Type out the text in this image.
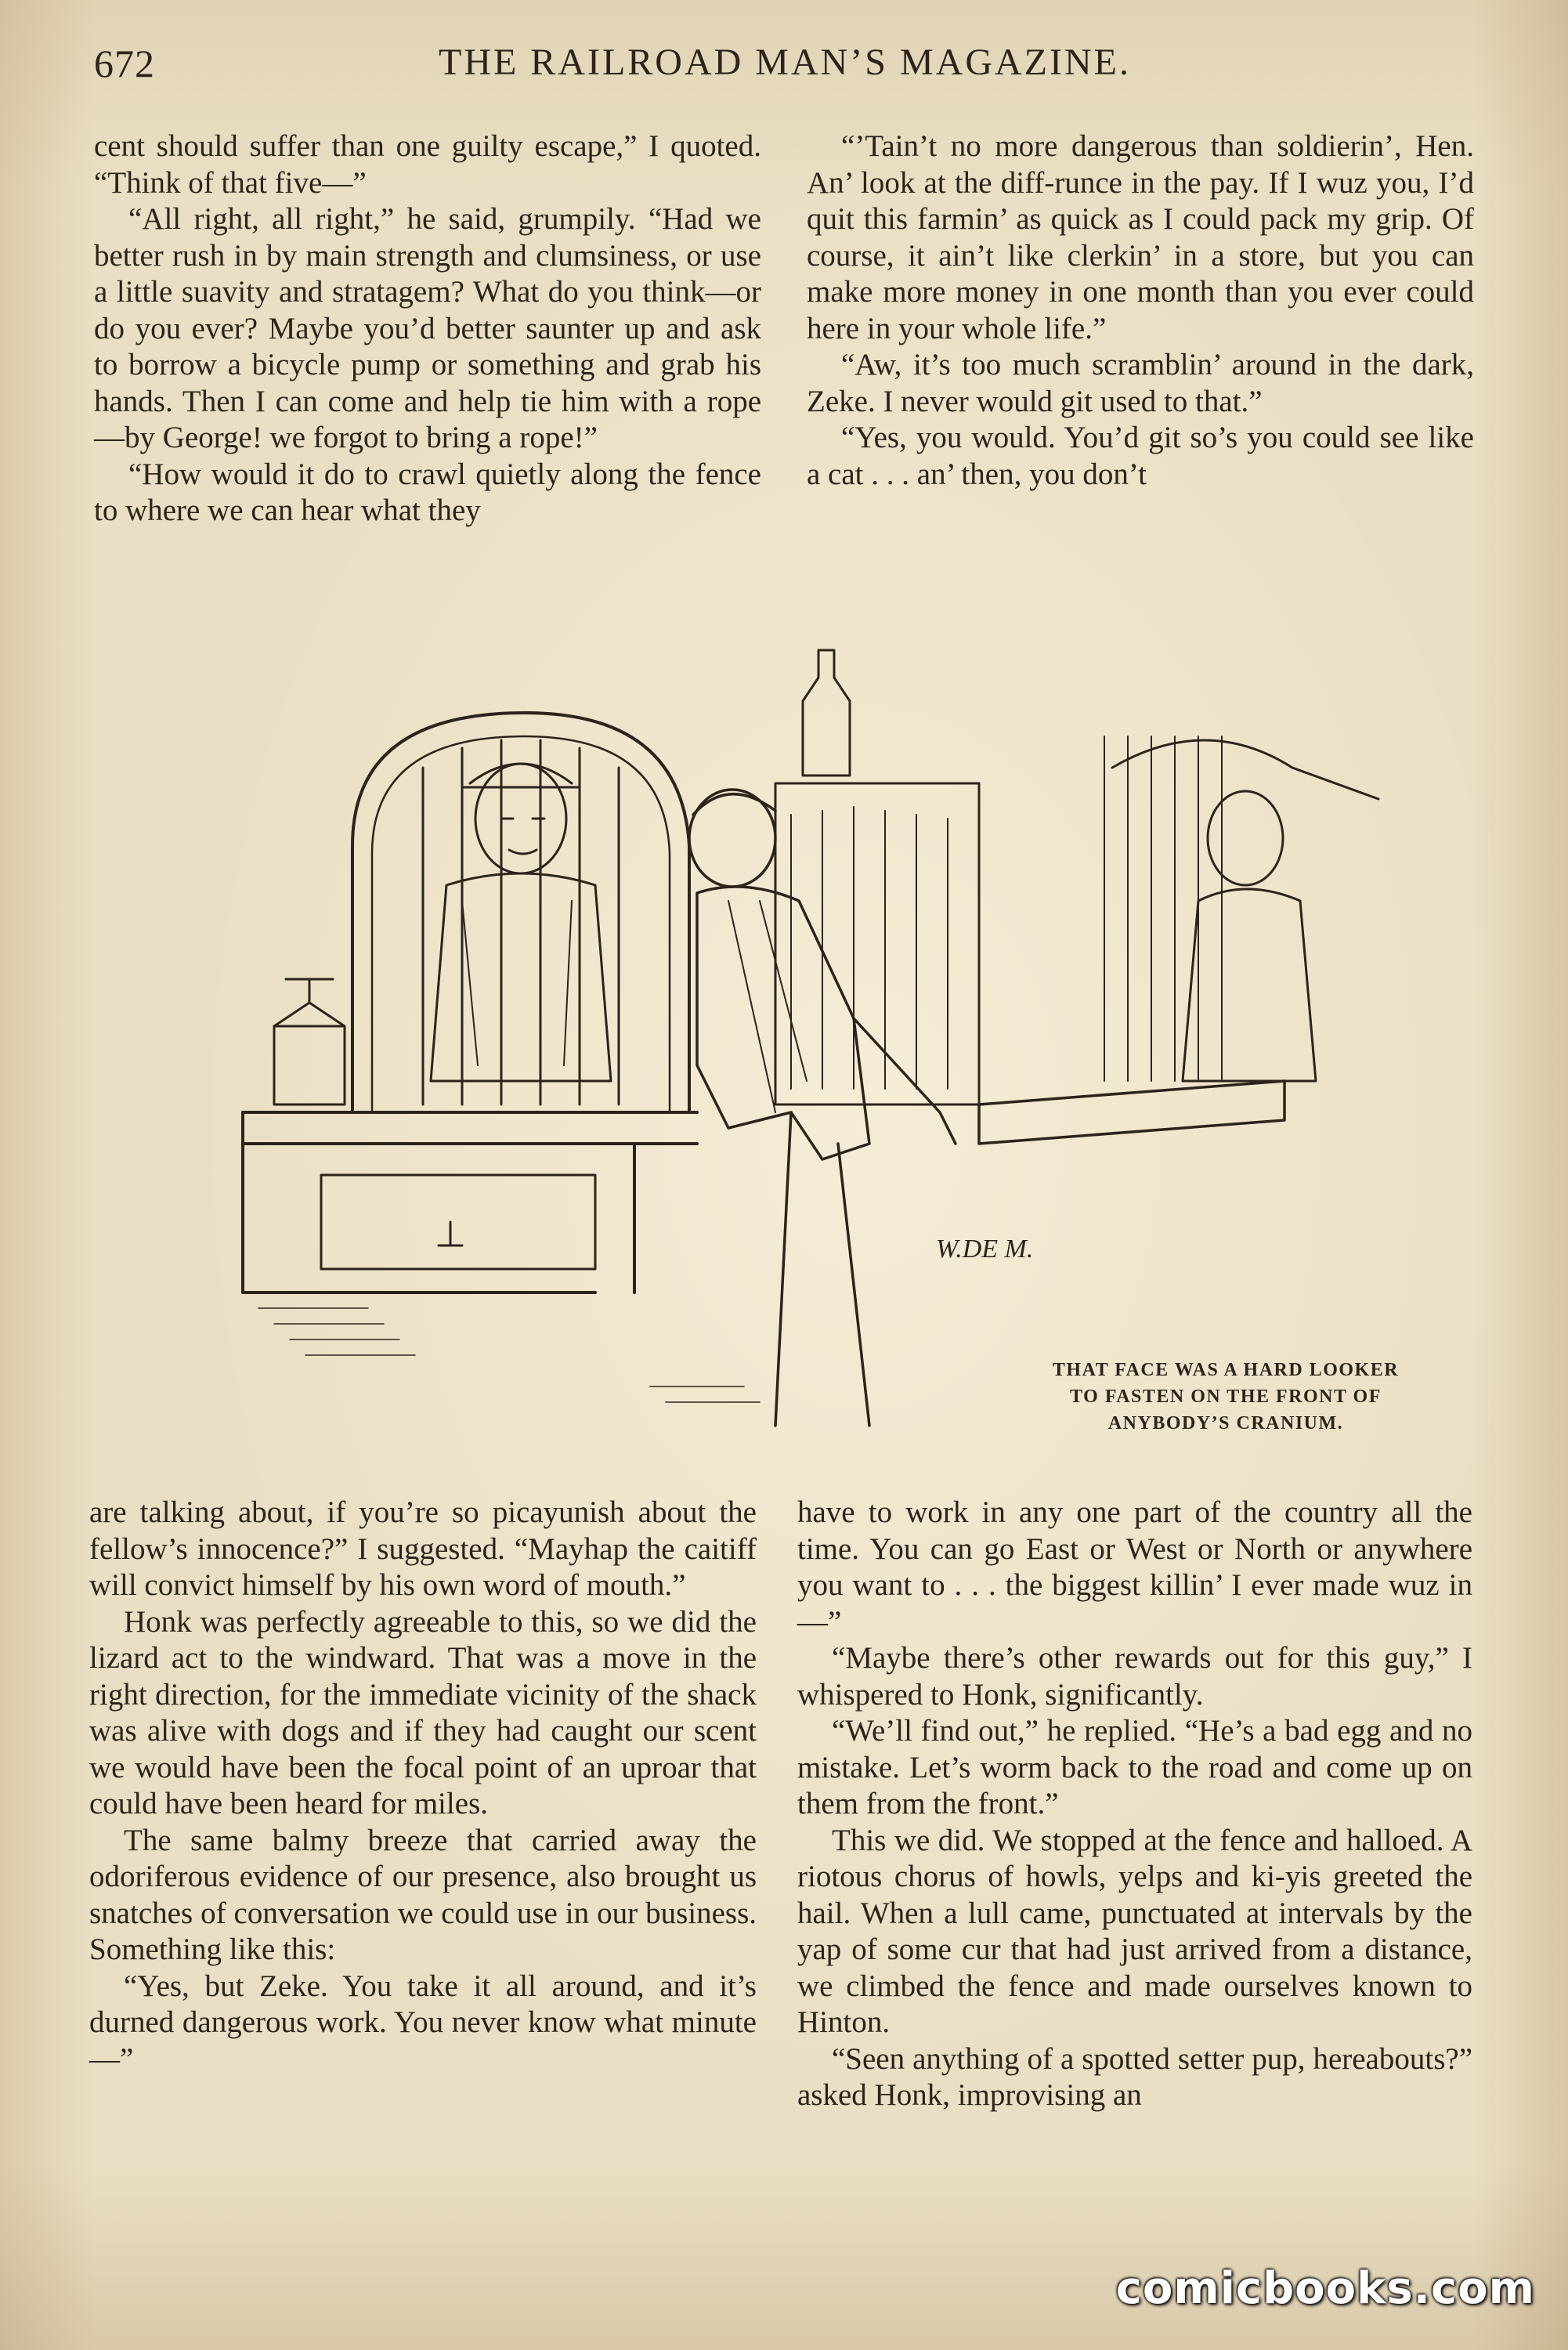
672	THE RAILROAD MAN’S MAGAZINE.

cent should suffer than one guilty escape,” I quoted. “Think of that five—”

“All right, all right,” he said, grumpily. “Had we better rush in by main strength and clumsiness, or use a little suavity and stratagem? What do you think—or do you ever? Maybe you’d better saunter up and ask to borrow a bicycle pump or something and grab his hands. Then I can come and help tie him with a rope—by George! we forgot to bring a rope!”

“How would it do to crawl quietly along the fence to where we can hear what they

“’Tain’t no more dangerous than soldierin’, Hen. An’ look at the diff-runce in the pay. If I wuz you, I’d quit this farmin’ as quick as I could pack my grip. Of course, it ain’t like clerkin’ in a store, but you can make more money in one month than you ever could here in your whole life.”

“Aw, it’s too much scramblin’ around in the dark, Zeke. I never would git used to that.”

“Yes, you would. You’d git so’s you could see like a cat . . . an’ then, you don’t

W.DE M.
THAT FACE WAS A HARD LOOKER
TO FASTEN ON THE FRONT OF
ANYBODY’S CRANIUM.

are talking about, if you’re so picayunish about the fellow’s innocence?” I suggested. “Mayhap the caitiff will convict himself by his own word of mouth.”

Honk was perfectly agreeable to this, so we did the lizard act to the windward. That was a move in the right direction, for the immediate vicinity of the shack was alive with dogs and if they had caught our scent we would have been the focal point of an uproar that could have been heard for miles.

The same balmy breeze that carried away the odoriferous evidence of our presence, also brought us snatches of conversation we could use in our business. Something like this:

“Yes, but Zeke. You take it all around, and it’s durned dangerous work. You never know what minute—”

have to work in any one part of the country all the time. You can go East or West or North or anywhere you want to . . . the biggest killin’ I ever made wuz in—”

“Maybe there’s other rewards out for this guy,” I whispered to Honk, significantly.

“We’ll find out,” he replied. “He’s a bad egg and no mistake. Let’s worm back to the road and come up on them from the front.”

This we did. We stopped at the fence and halloed. A riotous chorus of howls, yelps and ki-yis greeted the hail. When a lull came, punctuated at intervals by the yap of some cur that had just arrived from a distance, we climbed the fence and made ourselves known to Hinton.

“Seen anything of a spotted setter pup, hereabouts?” asked Honk, improvising an

comicbooks.com
